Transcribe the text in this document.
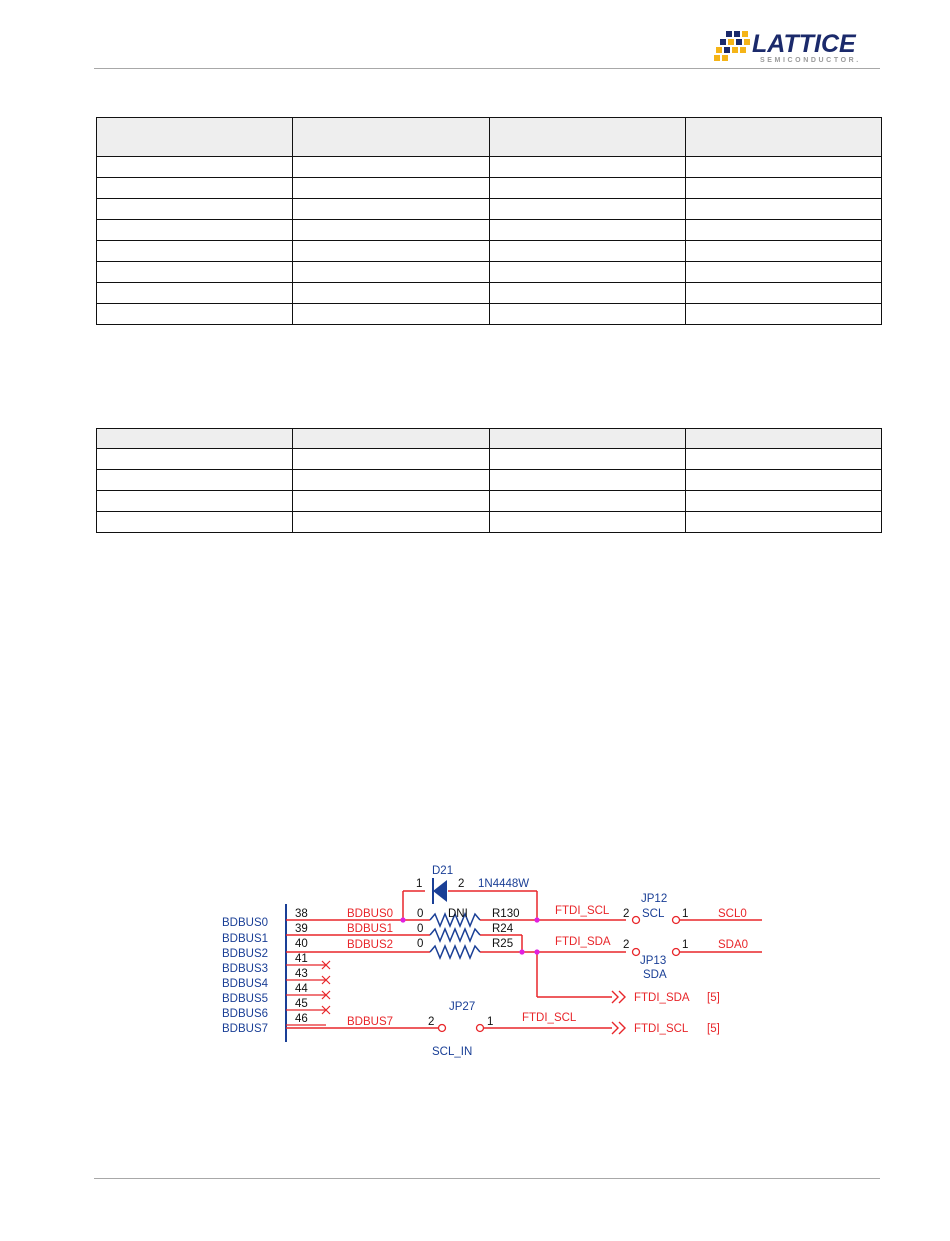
LATTICE
SEMICONDUCTOR.

BDBUS0
BDBUS1
BDBUS2
BDBUS3
BDBUS4
BDBUS5
BDBUS6
BDBUS7
38
39
40
41
43
44
45
46
D21
1	2 1N4448W
0 DNI R130
0	R24
0	R25
BDBUS0
BDBUS1
BDBUS2
BDBUS7
FTDI_SCL
FTDI_SDA
FTDI_SCL
SCL0
SDA0
JP12
SCL
2	1
JP13
SDA
2	1
JP27
SCL_IN
2	1
FTDI_SDA [5]
FTDI_SCL [5]
